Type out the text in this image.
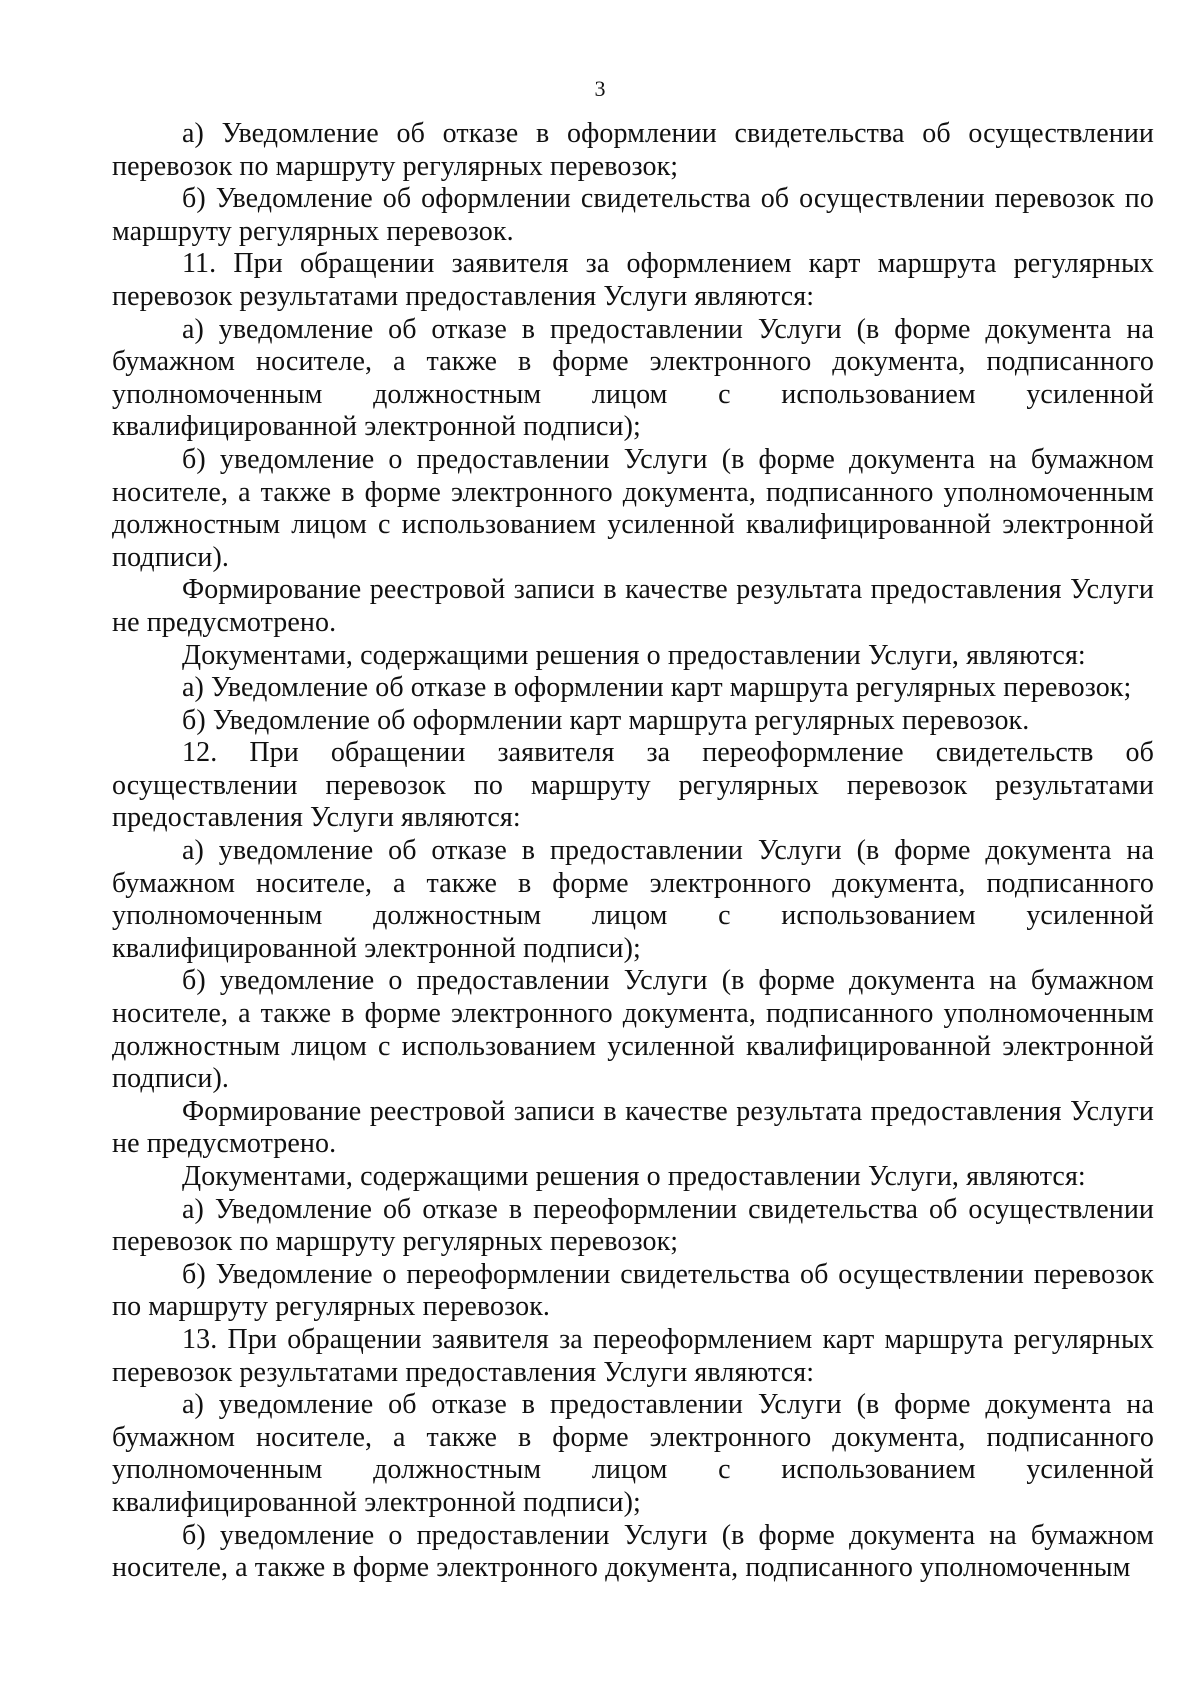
3

а) Уведомление об отказе в оформлении свидетельства об осуществлении перевозок по маршруту регулярных перевозок;

б) Уведомление об оформлении свидетельства об осуществлении перевозок по маршруту регулярных перевозок.

11. При обращении заявителя за оформлением карт маршрута регулярных перевозок результатами предоставления Услуги являются:

а) уведомление об отказе в предоставлении Услуги (в форме документа на бумажном носителе, а также в форме электронного документа, подписанного уполномоченным должностным лицом с использованием усиленной квалифицированной электронной подписи);

б) уведомление о предоставлении Услуги (в форме документа на бумажном носителе, а также в форме электронного документа, подписанного уполномоченным должностным лицом с использованием усиленной квалифицированной электронной подписи).

Формирование реестровой записи в качестве результата предоставления Услуги не предусмотрено.

Документами, содержащими решения о предоставлении Услуги, являются:

а) Уведомление об отказе в оформлении карт маршрута регулярных перевозок;

б) Уведомление об оформлении карт маршрута регулярных перевозок.

12. При обращении заявителя за переоформление свидетельств об осуществлении перевозок по маршруту регулярных перевозок результатами предоставления Услуги являются:

а) уведомление об отказе в предоставлении Услуги (в форме документа на бумажном носителе, а также в форме электронного документа, подписанного уполномоченным должностным лицом с использованием усиленной квалифицированной электронной подписи);

б) уведомление о предоставлении Услуги (в форме документа на бумажном носителе, а также в форме электронного документа, подписанного уполномоченным должностным лицом с использованием усиленной квалифицированной электронной подписи).

Формирование реестровой записи в качестве результата предоставления Услуги не предусмотрено.

Документами, содержащими решения о предоставлении Услуги, являются:

а) Уведомление об отказе в переоформлении свидетельства об осуществлении перевозок по маршруту регулярных перевозок;

б) Уведомление о переоформлении свидетельства об осуществлении перевозок по маршруту регулярных перевозок.

13. При обращении заявителя за переоформлением карт маршрута регулярных перевозок результатами предоставления Услуги являются:

а) уведомление об отказе в предоставлении Услуги (в форме документа на бумажном носителе, а также в форме электронного документа, подписанного уполномоченным должностным лицом с использованием усиленной квалифицированной электронной подписи);

б) уведомление о предоставлении Услуги (в форме документа на бумажном носителе, а также в форме электронного документа, подписанного уполномоченным
